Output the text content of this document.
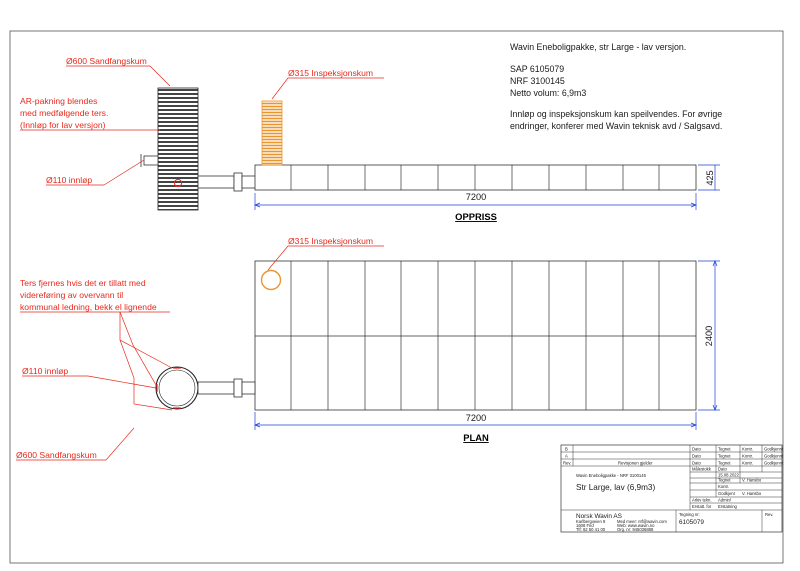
Wavin Eneboligpakke, str Large - lav versjon.
SAP 6105079
NRF 3100145
Netto volum: 6,9m3
Innløp og inspeksjonskum kan speilvendes. For øvrige
endringer, konferer med Wavin teknisk avd / Salgsavd.
7200
425
OPPRISS
Ø600 Sandfangskum
Ø315 Inspeksjonskum
AR-pakning blendes
med medfølgende ters.
(Innløp for lav versjon)
Ø110 innløp
7200
2400
PLAN
Ø315 Inspeksjonskum
Ters fjernes hvis det er tillatt med
videreføring av overvann til
kommunal ledning, bekk el lignende
Ø110 innløp
Ø600 Sandfangskum
B
A
Rev.	Revisjonen gjelder
Dato
Dato
Dato
Tegnet
Tegnet
Tegnet
Kontr.
Kontr.
Kontr.
Godkjennt
Godkjennt
Godkjennt
Målestokk Dato
15.08.2022
Tegnet	V. Hansbo
Kontr.
Godkjent V. Hansbo
Arkiv tekn. Admin/
Erstatt. for Erstatning
Wavin Eneboligpakke - NRF 3100145
Str Large, lav (6,9m3)
Norsk Wavin AS
Karlbergveien 8
1608 Frid
Tlf: 62 50 41 00
Med meer: ntf@wavin.com
Web: www.wavin.no
Org. nr: 945036888
Tegning nr:
6105079
Rev.
